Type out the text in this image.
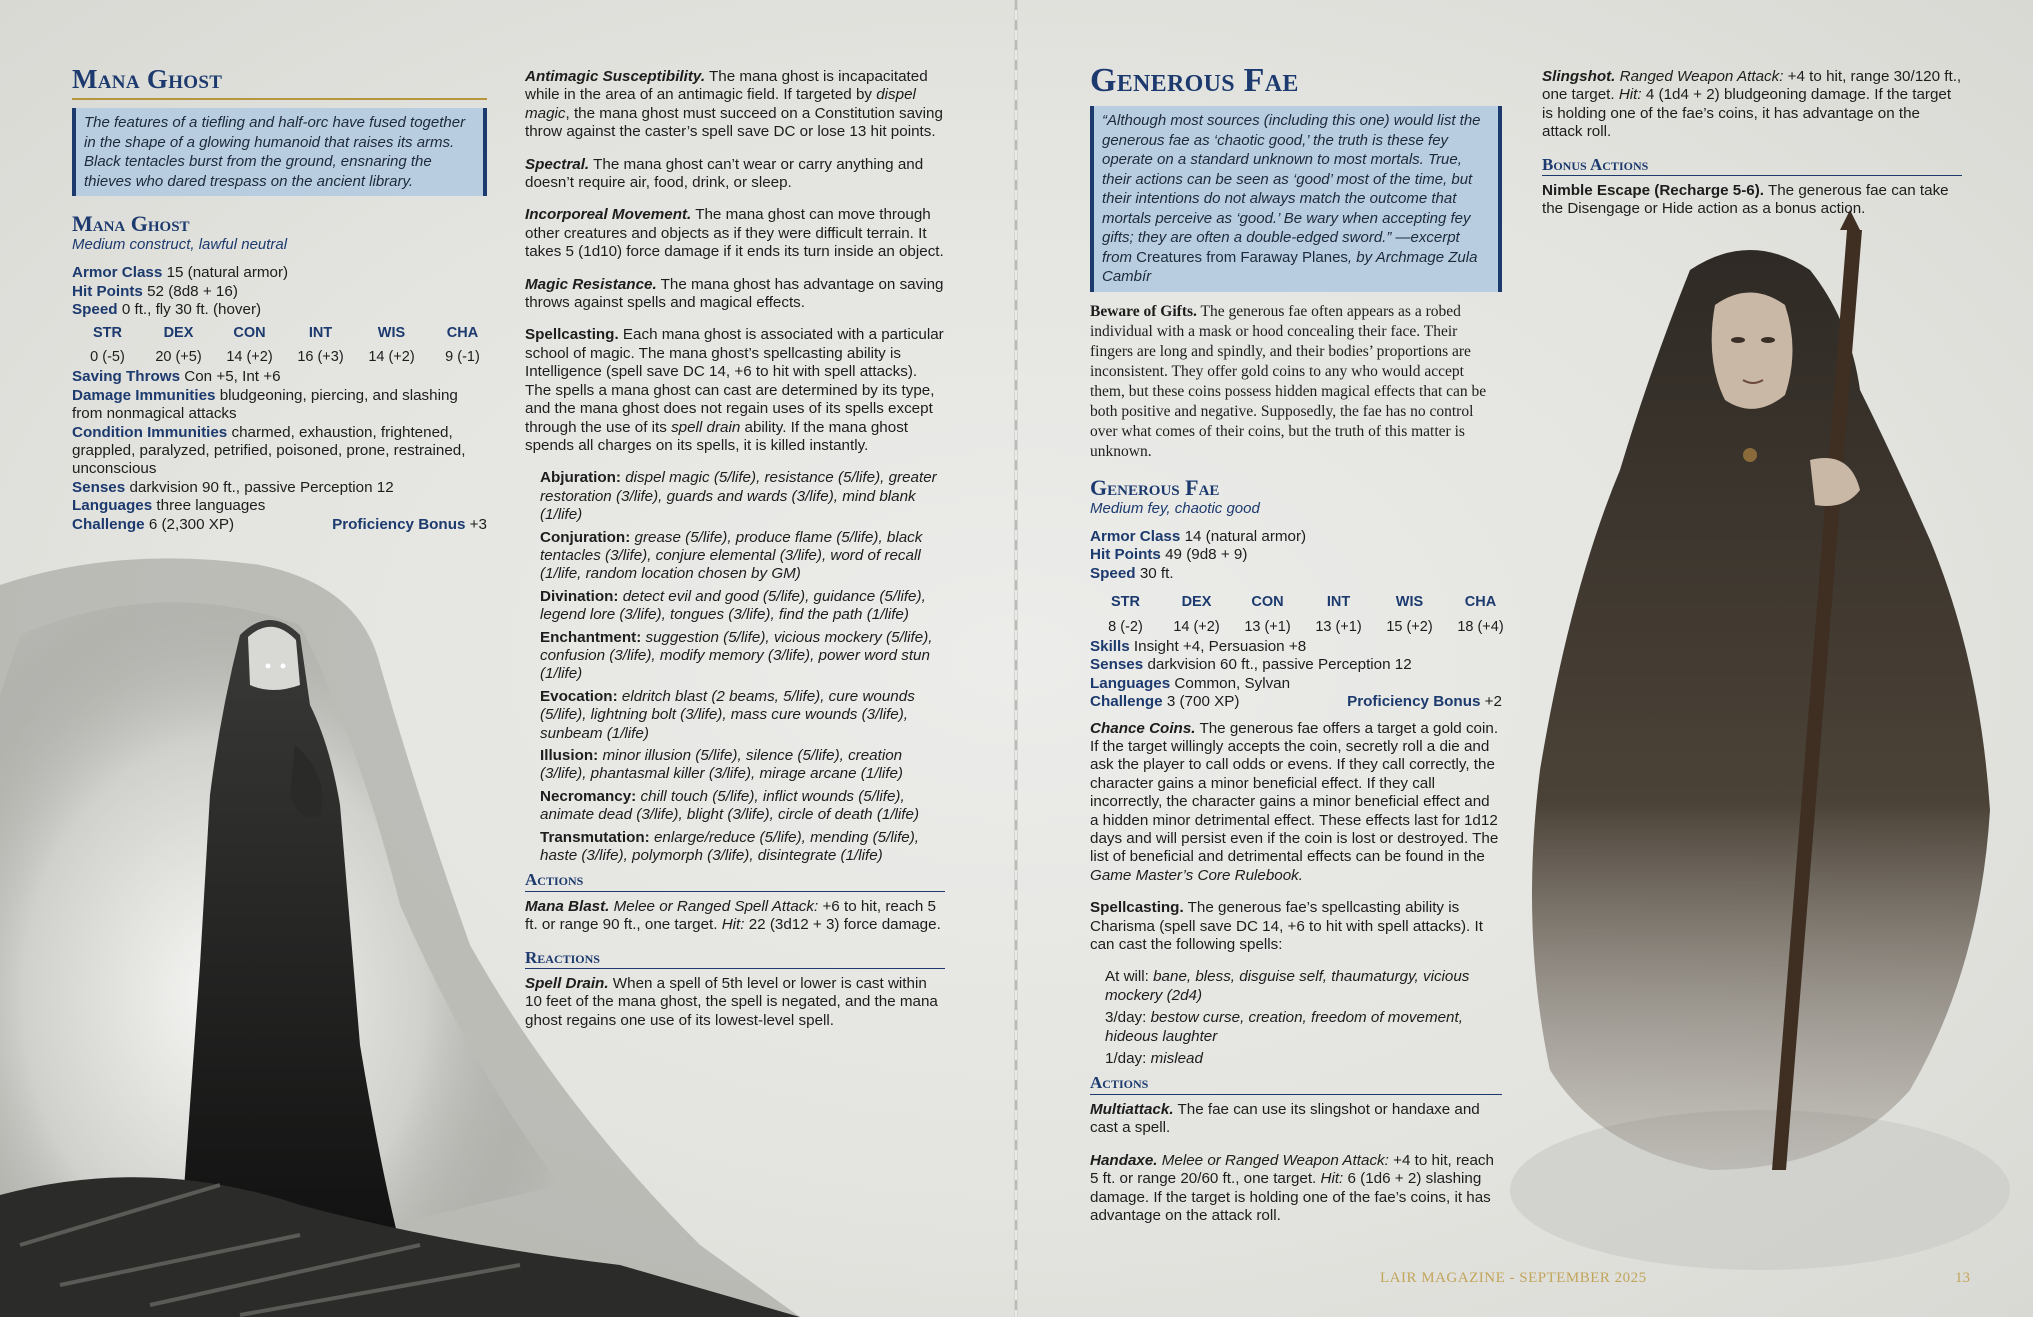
Mana Ghost
The features of a tiefling and half-orc have fused together in the shape of a glowing humanoid that raises its arms. Black tentacles burst from the ground, ensnaring the thieves who dared trespass on the ancient library.
Mana Ghost
Medium construct, lawful neutral
Armor Class 15 (natural armor)
Hit Points 52 (8d8 + 16)
Speed 0 ft., fly 30 ft. (hover)
STR	DEX	CON	INT	WIS	CHA
0 (-5)	20 (+5)	14 (+2)	16 (+3)	14 (+2)	9 (-1)
Saving Throws Con +5, Int +6
Damage Immunities bludgeoning, piercing, and slashing from nonmagical attacks
Condition Immunities charmed, exhaustion, frightened, grappled, paralyzed, petrified, poisoned, prone, restrained, unconscious
Senses darkvision 90 ft., passive Perception 12
Languages three languages
Challenge 6 (2,300 XP)	Proficiency Bonus +3

Antimagic Susceptibility. The mana ghost is incapacitated while in the area of an antimagic field. If targeted by dispel magic, the mana ghost must succeed on a Constitution saving throw against the caster’s spell save DC or lose 13 hit points.

Spectral. The mana ghost can’t wear or carry anything and doesn’t require air, food, drink, or sleep.

Incorporeal Movement. The mana ghost can move through other creatures and objects as if they were difficult terrain. It takes 5 (1d10) force damage if it ends its turn inside an object.

Magic Resistance. The mana ghost has advantage on saving throws against spells and magical effects.

Spellcasting. Each mana ghost is associated with a particular school of magic. The mana ghost’s spellcasting ability is Intelligence (spell save DC 14, +6 to hit with spell attacks). The spells a mana ghost can cast are determined by its type, and the mana ghost does not regain uses of its spells except through the use of its spell drain ability. If the mana ghost spends all charges on its spells, it is killed instantly.

Abjuration: dispel magic (5/life), resistance (5/life), greater restoration (3/life), guards and wards (3/life), mind blank (1/life)

Conjuration: grease (5/life), produce flame (5/life), black tentacles (3/life), conjure elemental (3/life), word of recall (1/life, random location chosen by GM)

Divination: detect evil and good (5/life), guidance (5/life), legend lore (3/life), tongues (3/life), find the path (1/life)

Enchantment: suggestion (5/life), vicious mockery (5/life), confusion (3/life), modify memory (3/life), power word stun (1/life)

Evocation: eldritch blast (2 beams, 5/life), cure wounds (5/life), lightning bolt (3/life), mass cure wounds (3/life), sunbeam (1/life)

Illusion: minor illusion (5/life), silence (5/life), creation (3/life), phantasmal killer (3/life), mirage arcane (1/life)

Necromancy: chill touch (5/life), inflict wounds (5/life), animate dead (3/life), blight (3/life), circle of death (1/life)

Transmutation: enlarge/reduce (5/life), mending (5/life), haste (3/life), polymorph (3/life), disintegrate (1/life)

Actions

Mana Blast. Melee or Ranged Spell Attack: +6 to hit, reach 5 ft. or range 90 ft., one target. Hit: 22 (3d12 + 3) force damage.

Reactions

Spell Drain. When a spell of 5th level or lower is cast within 10 feet of the mana ghost, the spell is negated, and the mana ghost regains one use of its lowest-level spell.

Generous Fae
“Although most sources (including this one) would list the generous fae as ‘chaotic good,’ the truth is these fey operate on a standard unknown to most mortals. True, their actions can be seen as ‘good’ most of the time, but their intentions do not always match the outcome that mortals perceive as ‘good.’ Be wary when accepting fey gifts; they are often a double-edged sword.” —excerpt from Creatures from Faraway Planes, by Archmage Zula Cambír

Beware of Gifts. The generous fae often appears as a robed individual with a mask or hood concealing their face. Their fingers are long and spindly, and their bodies’ proportions are inconsistent. They offer gold coins to any who would accept them, but these coins possess hidden magical effects that can be both positive and negative. Supposedly, the fae has no control over what comes of their coins, but the truth of this matter is unknown.

Generous Fae
Medium fey, chaotic good
Armor Class 14 (natural armor)
Hit Points 49 (9d8 + 9)
Speed 30 ft.
STR	DEX	CON	INT	WIS	CHA
8 (-2)	14 (+2)	13 (+1)	13 (+1)	15 (+2)	18 (+4)
Skills Insight +4, Persuasion +8
Senses darkvision 60 ft., passive Perception 12
Languages Common, Sylvan
Challenge 3 (700 XP)	Proficiency Bonus +2

Chance Coins. The generous fae offers a target a gold coin. If the target willingly accepts the coin, secretly roll a die and ask the player to call odds or evens. If they call correctly, the character gains a minor beneficial effect. If they call incorrectly, the character gains a minor beneficial effect and a hidden minor detrimental effect. These effects last for 1d12 days and will persist even if the coin is lost or destroyed. The list of beneficial and detrimental effects can be found in the Game Master’s Core Rulebook.

Spellcasting. The generous fae’s spellcasting ability is Charisma (spell save DC 14, +6 to hit with spell attacks). It can cast the following spells:

At will: bane, bless, disguise self, thaumaturgy, vicious mockery (2d4)

3/day: bestow curse, creation, freedom of movement, hideous laughter

1/day: mislead

Actions

Multiattack. The fae can use its slingshot or handaxe and cast a spell.

Handaxe. Melee or Ranged Weapon Attack: +4 to hit, reach 5 ft. or range 20/60 ft., one target. Hit: 6 (1d6 + 2) slashing damage. If the target is holding one of the fae’s coins, it has advantage on the attack roll.

Slingshot. Ranged Weapon Attack: +4 to hit, range 30/120 ft., one target. Hit: 4 (1d4 + 2) bludgeoning damage. If the target is holding one of the fae’s coins, it has advantage on the attack roll.

Bonus Actions

Nimble Escape (Recharge 5-6). The generous fae can take the Disengage or Hide action as a bonus action.

LAIR MAGAZINE - SEPTEMBER 2025	13
